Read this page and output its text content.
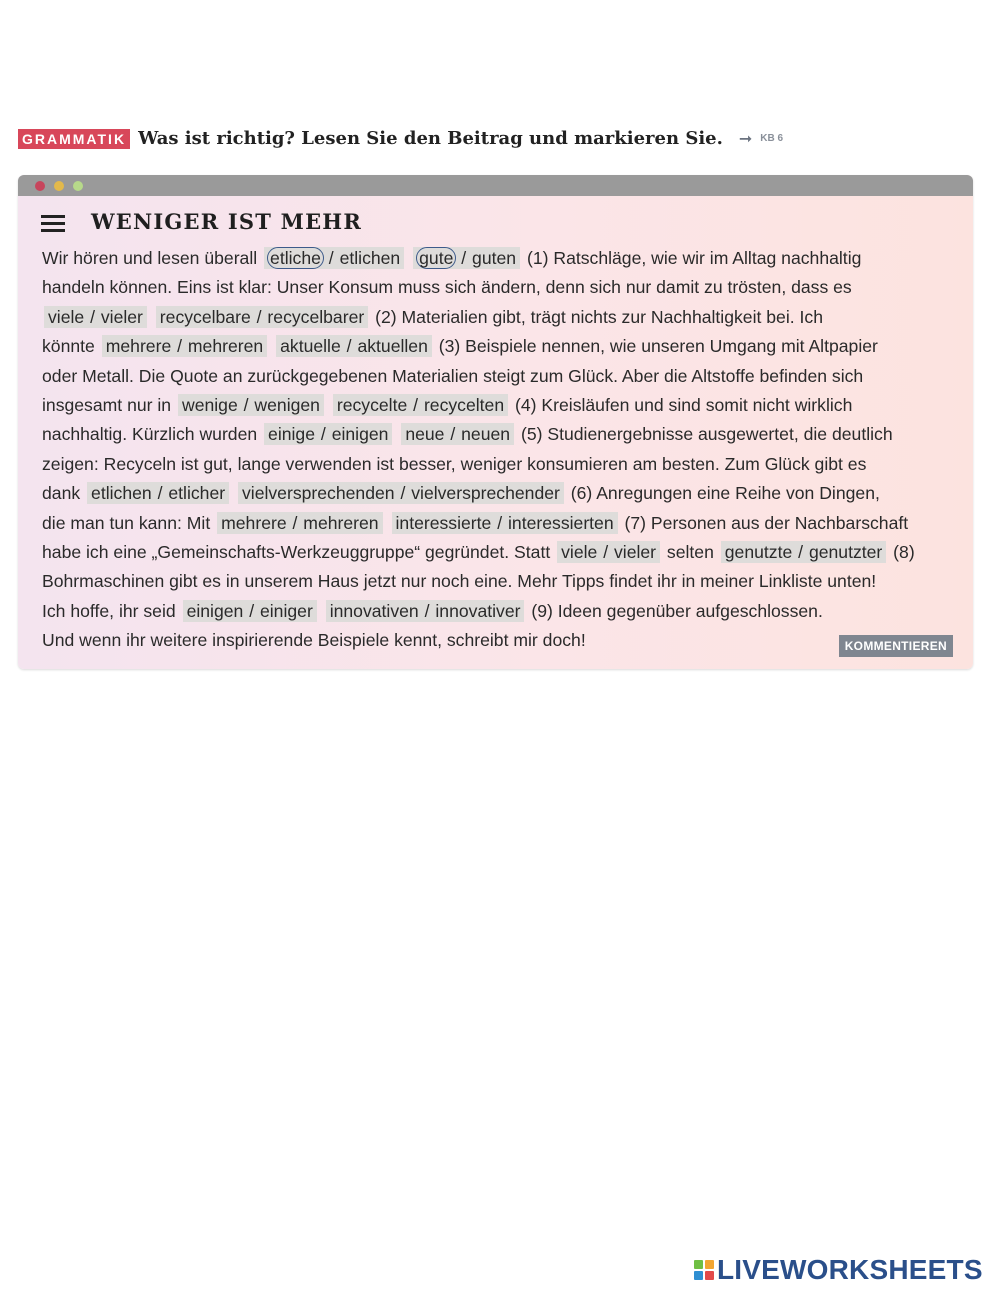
GRAMMATIK Was ist richtig? Lesen Sie den Beitrag und markieren Sie. ➞ KB 6
WENIGER IST MEHR
Wir hören und lesen überall etliche / etlichen gute / guten (1) Ratschläge, wie wir im Alltag nachhaltig
handeln können. Eins ist klar: Unser Konsum muss sich ändern, denn sich nur damit zu trösten, dass es
viele / vieler recycelbare / recycelbarer (2) Materialien gibt, trägt nichts zur Nachhaltigkeit bei. Ich
könnte mehrere / mehreren aktuelle / aktuellen (3) Beispiele nennen, wie unseren Umgang mit Altpapier
oder Metall. Die Quote an zurückgegebenen Materialien steigt zum Glück. Aber die Altstoffe befinden sich
insgesamt nur in wenige / wenigen recycelte / recycelten (4) Kreisläufen und sind somit nicht wirklich
nachhaltig. Kürzlich wurden einige / einigen neue / neuen (5) Studienergebnisse ausgewertet, die deutlich
zeigen: Recyceln ist gut, lange verwenden ist besser, weniger konsumieren am besten. Zum Glück gibt es
dank etlichen / etlicher vielversprechenden / vielversprechender (6) Anregungen eine Reihe von Dingen,
die man tun kann: Mit mehrere / mehreren interessierte / interessierten (7) Personen aus der Nachbarschaft
habe ich eine „Gemeinschafts-Werkzeuggruppe“ gegründet. Statt viele / vieler selten genutzte / genutzter (8)
Bohrmaschinen gibt es in unserem Haus jetzt nur noch eine. Mehr Tipps findet ihr in meiner Linkliste unten!
Ich hoffe, ihr seid einigen / einiger innovativen / innovativer (9) Ideen gegenüber aufgeschlossen.
Und wenn ihr weitere inspirierende Beispiele kennt, schreibt mir doch!	KOMMENTIEREN
LIVEWORKSHEETS
